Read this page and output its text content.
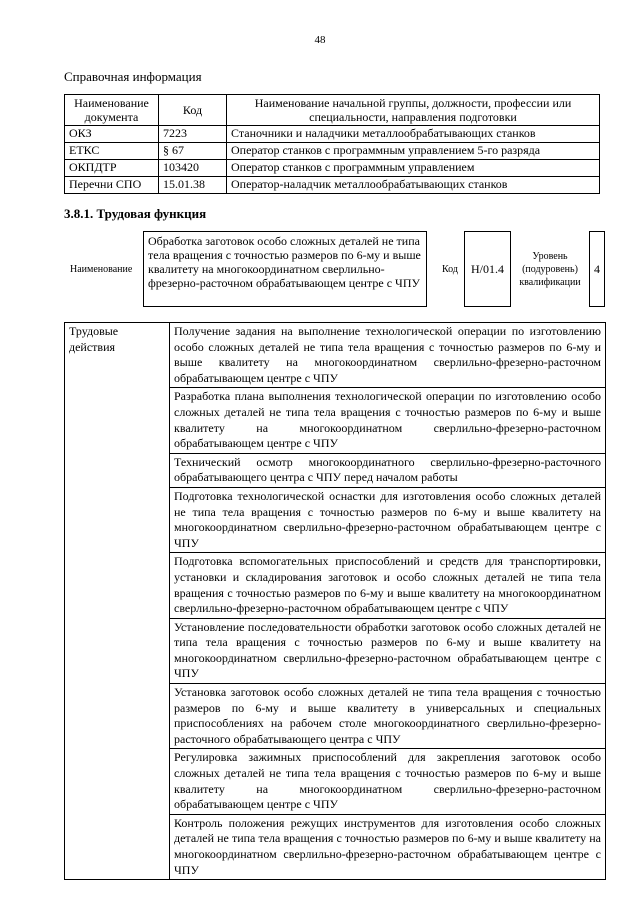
48
Справочная информация
Наименование документа	Код	Наименование начальной группы, должности, профессии или специальности, направления подготовки
ОКЗ	7223	Станочники и наладчики металлообрабатывающих станков
ЕТКС	§ 67	Оператор станков с программным управлением 5-го разряда
ОКПДТР	103420	Оператор станков с программным управлением
Перечни СПО	15.01.38	Оператор-наладчик металлообрабатывающих станков
3.8.1. Трудовая функция
Наименование
Обработка заготовок особо сложных деталей не типа тела вращения с точностью размеров по 6-му и выше квалитету на многокоординатном сверлильно-фрезерно-расточном обрабатывающем центре с ЧПУ
Код	H/01.4
Уровень (подуровень) квалификации
4
Трудовые действия	Получение задания на выполнение технологической операции по изготовлению особо сложных деталей не типа тела вращения с точностью размеров по 6-му и выше квалитету на многокоординатном сверлильно-фрезерно-расточном обрабатывающем центре с ЧПУ
Разработка плана выполнения технологической операции по изготовлению особо сложных деталей не типа тела вращения с точностью размеров по 6-му и выше квалитету на многокоординатном сверлильно-фрезерно-расточном обрабатывающем центре с ЧПУ
Технический осмотр многокоординатного сверлильно-фрезерно-расточного обрабатывающего центра с ЧПУ перед началом работы
Подготовка технологической оснастки для изготовления особо сложных деталей не типа тела вращения с точностью размеров по 6-му и выше квалитету на многокоординатном сверлильно-фрезерно-расточном обрабатывающем центре с ЧПУ
Подготовка вспомогательных приспособлений и средств для транспортировки, установки и складирования заготовок и особо сложных деталей не типа тела вращения с точностью размеров по 6-му и выше квалитету на многокоординатном сверлильно-фрезерно-расточном обрабатывающем центре с ЧПУ
Установление последовательности обработки заготовок особо сложных деталей не типа тела вращения с точностью размеров по 6-му и выше квалитету на многокоординатном сверлильно-фрезерно-расточном обрабатывающем центре с ЧПУ
Установка заготовок особо сложных деталей не типа тела вращения с точностью размеров по 6-му и выше квалитету в универсальных и специальных приспособлениях на рабочем столе многокоординатного сверлильно-фрезерно-расточного обрабатывающего центра с ЧПУ
Регулировка зажимных приспособлений для закрепления заготовок особо сложных деталей не типа тела вращения с точностью размеров по 6-му и выше квалитету на многокоординатном сверлильно-фрезерно-расточном обрабатывающем центре с ЧПУ
Контроль положения режущих инструментов для изготовления особо сложных деталей не типа тела вращения с точностью размеров по 6-му и выше квалитету на многокоординатном сверлильно-фрезерно-расточном обрабатывающем центре с ЧПУ
